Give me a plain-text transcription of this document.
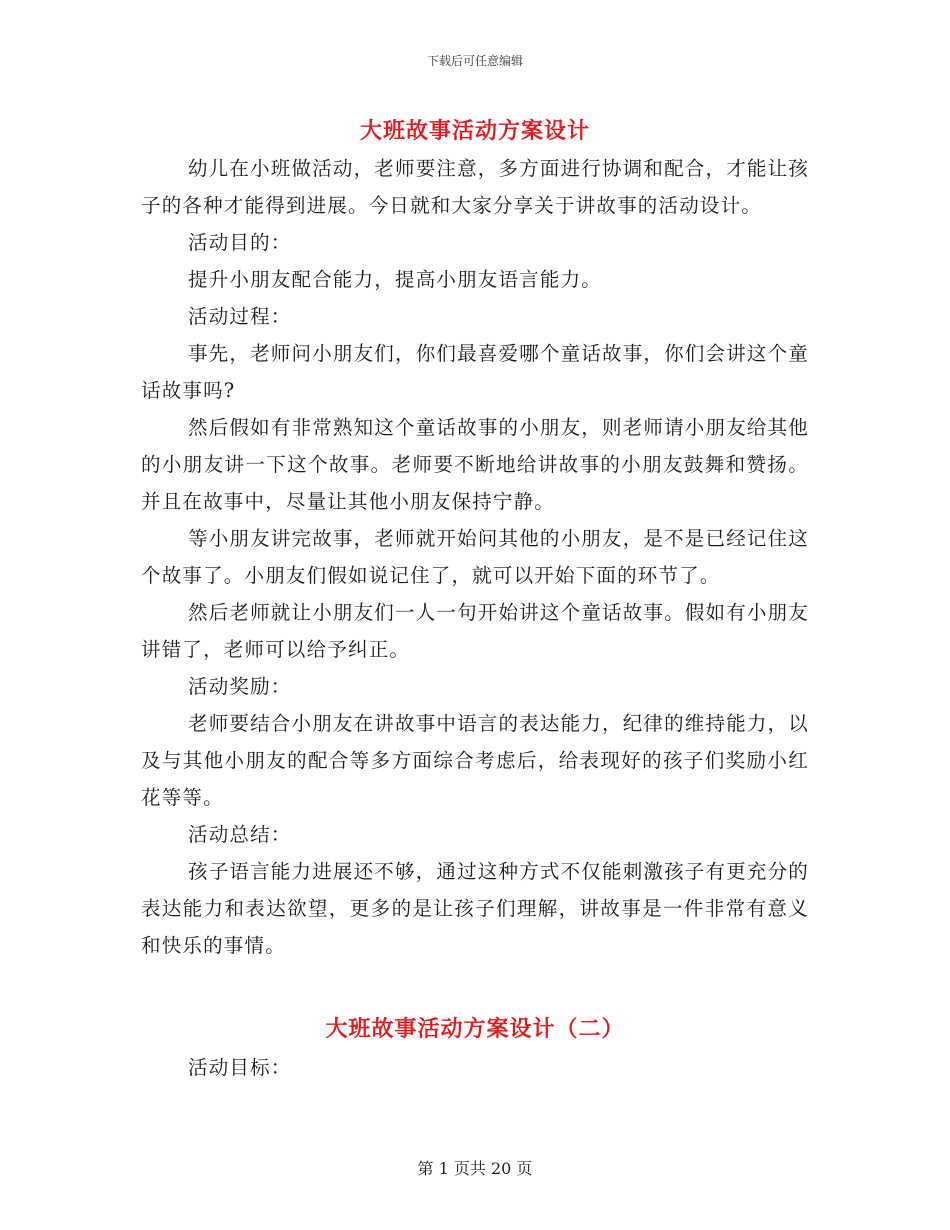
下载后可任意编辑
大班故事活动方案设计

幼儿在小班做活动，老师要注意，多方面进行协调和配合，才能让孩子的各种才能得到进展。今日就和大家分享关于讲故事的活动设计。

活动目的：

提升小朋友配合能力，提高小朋友语言能力。

活动过程：

事先，老师问小朋友们，你们最喜爱哪个童话故事，你们会讲这个童话故事吗?

然后假如有非常熟知这个童话故事的小朋友，则老师请小朋友给其他的小朋友讲一下这个故事。老师要不断地给讲故事的小朋友鼓舞和赞扬。并且在故事中，尽量让其他小朋友保持宁静。

等小朋友讲完故事，老师就开始问其他的小朋友，是不是已经记住这个故事了。小朋友们假如说记住了，就可以开始下面的环节了。

然后老师就让小朋友们一人一句开始讲这个童话故事。假如有小朋友讲错了，老师可以给予纠正。

活动奖励：

老师要结合小朋友在讲故事中语言的表达能力，纪律的维持能力，以及与其他小朋友的配合等多方面综合考虑后，给表现好的孩子们奖励小红花等等。

活动总结：

孩子语言能力进展还不够，通过这种方式不仅能刺激孩子有更充分的表达能力和表达欲望，更多的是让孩子们理解，讲故事是一件非常有意义和快乐的事情。

大班故事活动方案设计（二）

活动目标：

第 1 页共 20 页
